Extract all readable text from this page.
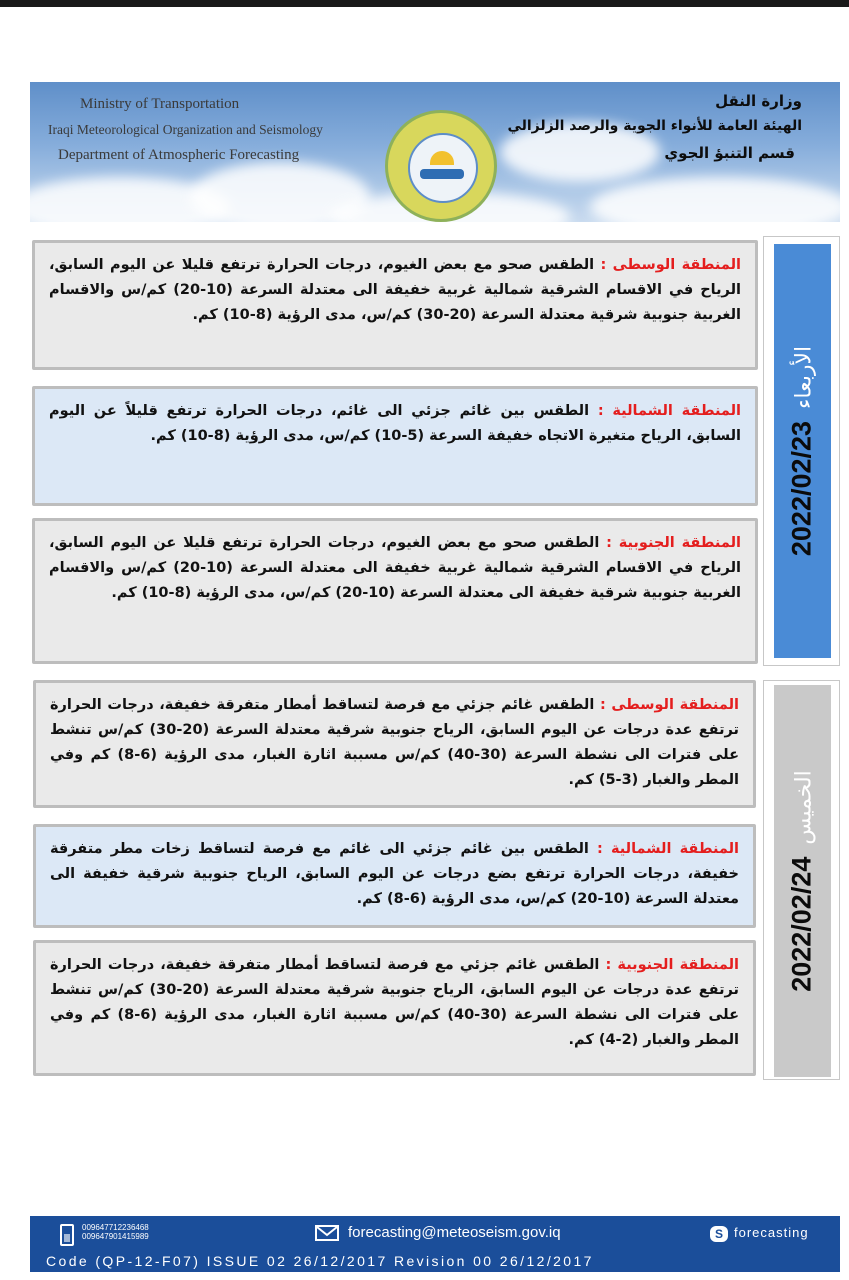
Ministry of Transportation
Iraqi Meteorological Organization and Seismology
Department of Atmospheric Forecasting
وزارة النقل
الهيئة العامة للأنواء الجوية والرصد الزلزالي
قسم التنبؤ الجوي
المنطقة الوسطى : الطقس صحو مع بعض الغيوم، درجات الحرارة ترتفع قليلا عن اليوم السابق، الرياح في الاقسام الشرقية شمالية غربية خفيفة الى معتدلة السرعة (10-20) كم/س والاقسام الغربية جنوبية شرقية معتدلة السرعة (20-30) كم/س، مدى الرؤية (8-10) كم.
المنطقة الشمالية : الطقس بين غائم جزئي الى غائم، درجات الحرارة ترتفع قليلاً عن اليوم السابق، الرياح متغيرة الاتجاه خفيفة السرعة (5-10) كم/س، مدى الرؤية (8-10) كم.
المنطقة الجنوبية : الطقس صحو مع بعض الغيوم، درجات الحرارة ترتفع قليلا عن اليوم السابق، الرياح في الاقسام الشرقية شمالية غربية خفيفة الى معتدلة السرعة (10-20) كم/س والاقسام الغربية جنوبية شرقية خفيفة الى معتدلة السرعة (10-20) كم/س، مدى الرؤية (8-10) كم.
2022/02/23الأربعاء
المنطقة الوسطى : الطقس غائم جزئي مع فرصة لتساقط أمطار متفرقة خفيفة، درجات الحرارة ترتفع عدة درجات عن اليوم السابق، الرياح جنوبية شرقية معتدلة السرعة (20-30) كم/س تنشط على فترات الى نشطة السرعة (30-40) كم/س مسببة اثارة الغبار، مدى الرؤية (6-8) كم وفي المطر والغبار (3-5) كم.
المنطقة الشمالية : الطقس بين غائم جزئي الى غائم مع فرصة لتساقط زخات مطر متفرقة خفيفة، درجات الحرارة ترتفع بضع درجات عن اليوم السابق، الرياح جنوبية شرقية خفيفة الى معتدلة السرعة (10-20) كم/س، مدى الرؤية (6-8) كم.
المنطقة الجنوبية : الطقس غائم جزئي مع فرصة لتساقط أمطار متفرقة خفيفة، درجات الحرارة ترتفع عدة درجات عن اليوم السابق، الرياح جنوبية شرقية معتدلة السرعة (20-30) كم/س تنشط على فترات الى نشطة السرعة (30-40) كم/س مسببة اثارة الغبار، مدى الرؤية (6-8) كم وفي المطر والغبار (2-4) كم.
2022/02/24الخميس
009647712236468
009647901415989	forecasting@meteoseism.gov.iq	S forecasting
Code (QP-12-F07) ISSUE 02 26/12/2017 Revision 00 26/12/2017
